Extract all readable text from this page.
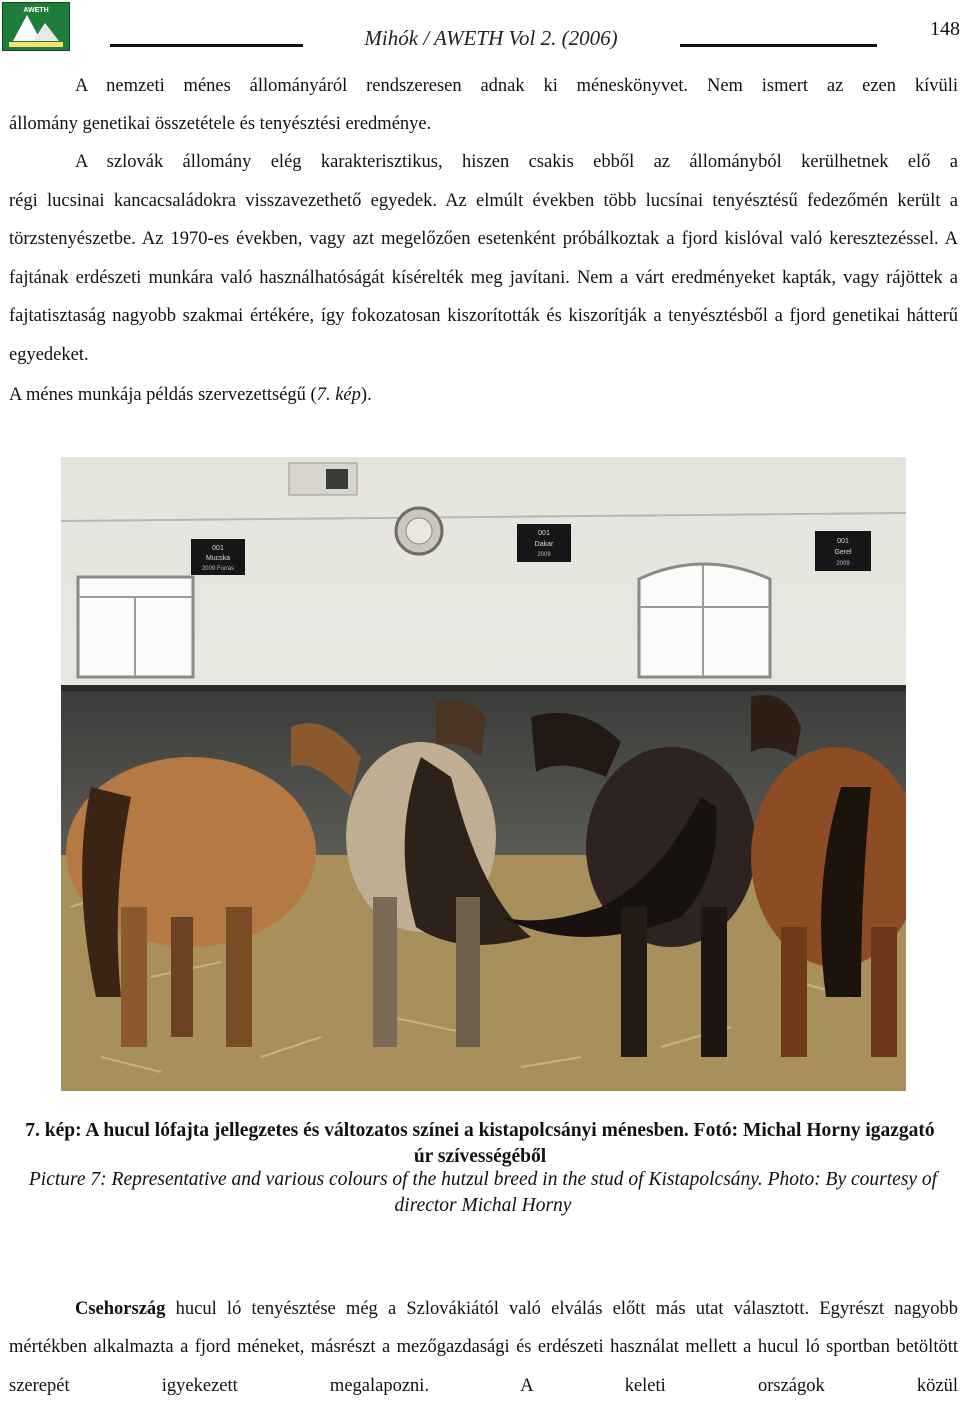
AWETH
Mihók / AWETH Vol 2. (2006)	148

A nemzeti ménes állományáról rendszeresen adnak ki méneskönyvet. Nem ismert az ezen kívüli

állomány genetikai összetétele és tenyésztési eredménye.

A szlovák állomány elég karakterisztikus, hiszen csakis ebből az állományból kerülhetnek elő a

régi lucsinai kancacsaládokra visszavezethető egyedek. Az elmúlt években több lucsínai tenyésztésű fedezőmén került a törzstenyészetbe. Az 1970-es években, vagy azt megelőzően esetenként próbálkoztak a fjord kislóval való keresztezéssel. A fajtának erdészeti munkára való használhatóságát kísérelték meg javítani. Nem a várt eredményeket kapták, vagy rájöttek a fajtatisztaság nagyobb szakmai értékére, így fokozatosan kiszorították és kiszorítják a tenyésztésből a fjord genetikai hátterű egyedeket.

A ménes munkája példás szervezettségű (7. kép).

001
Mucska
2009 Forrás
001
Dakar
2009
001
Gerel
2009

7. kép: A hucul lófajta jellegzetes és változatos színei a kistapolcsányi ménesben. Fotó: Michal Horny igazgató úr szívességéből

Picture 7: Representative and various colours of the hutzul breed in the stud of Kistapolcsány. Photo: By courtesy of director Michal Horny

Csehország hucul ló tenyésztése még a Szlovákiától való elválás előtt más utat választott. Egyrészt nagyobb mértékben alkalmazta a fjord méneket, másrészt a mezőgazdasági és erdészeti használat mellett a hucul ló sportban betöltött szerepét igyekezett megalapozni. A keleti országok közül
